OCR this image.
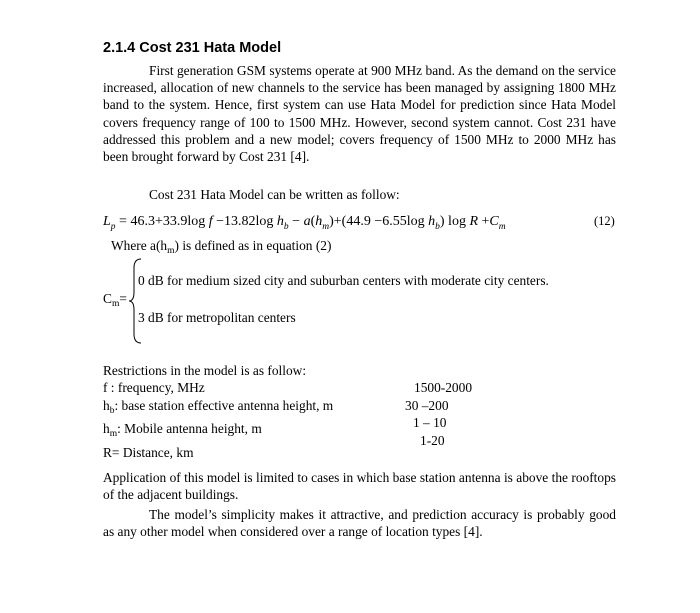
2.1.4 Cost 231 Hata Model

First generation GSM systems operate at 900 MHz band. As the demand on the service increased, allocation of new channels to the service has been managed by assigning 1800 MHz band to the system. Hence, first system can use Hata Model for prediction since Hata Model covers frequency range of 100 to 1500 MHz. However, second system cannot. Cost 231 have addressed this problem and a new model; covers frequency of 1500 MHz to 2000 MHz has been brought forward by Cost 231 [4].

Cost 231 Hata Model can be written as follow:
$L_p = 46.3+33.9\log$ f −13.82log $h_b - a(h_m)+(44.9 -6.55\log$ $h_b$) $\log R +C_m$	(12)
Where $a(h_m)$ is defined as in equation (2)
$C_m=$
0 dB for medium sized city and suburban centers with moderate city centers.
3 dB for metropolitan centers
Restrictions in the model is as follow:
f : frequency, MHz
$h_b$: base station effective antenna height, m
$h_m$: Mobile antenna height, m
R= Distance, km
1500-2000
30 –200
1 – 10
1-20

Application of this model is limited to cases in which base station antenna is above the rooftops of the adjacent buildings.

The model’s simplicity makes it attractive, and prediction accuracy is probably good as any other model when considered over a range of location types [4].
